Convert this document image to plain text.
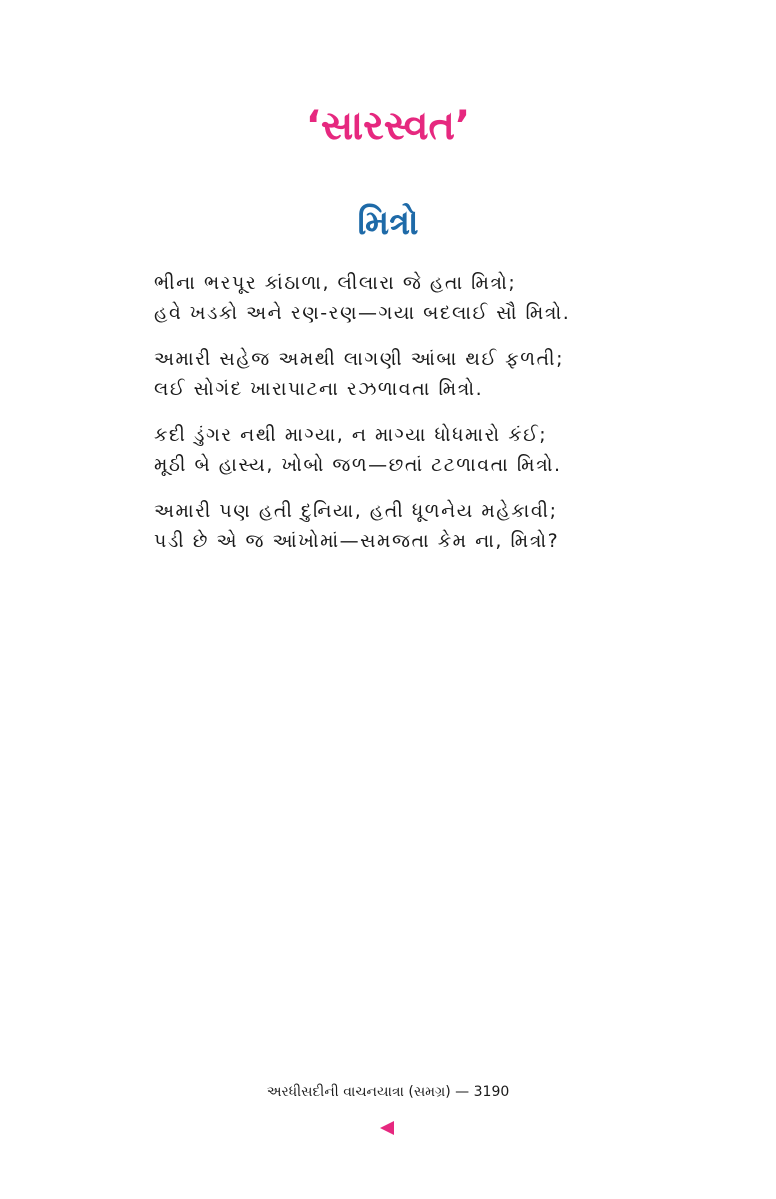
‘સારસ્વત’
મિત્રો
ભીના ભરપૂર કાંઠાળા, લીલારા જે હતા મિત્રો;
હવે ખડકો અને રણ-રણ—ગયા બદલાઈ સૌ મિત્રો.
અમારી સહેજ અમથી લાગણી આંબા થઈ ફળતી;
લઈ સોગંદ ખારાપાટના રઝળાવતા મિત્રો.
કદી ડુંગર નથી માગ્યા, ન માગ્યા ધોધમારો કંઈ;
મૂઠી બે હાસ્ય, ખોબો જળ—છતાં ટટળાવતા મિત્રો.
અમારી પણ હતી દુનિયા, હતી ધૂળનેય મહેકાવી;
પડી છે એ જ આંખોમાં—સમજતા કેમ ના, મિત્રો?
અરધીસદીની વાચનયાત્રા (સમગ્ર) — 3190
